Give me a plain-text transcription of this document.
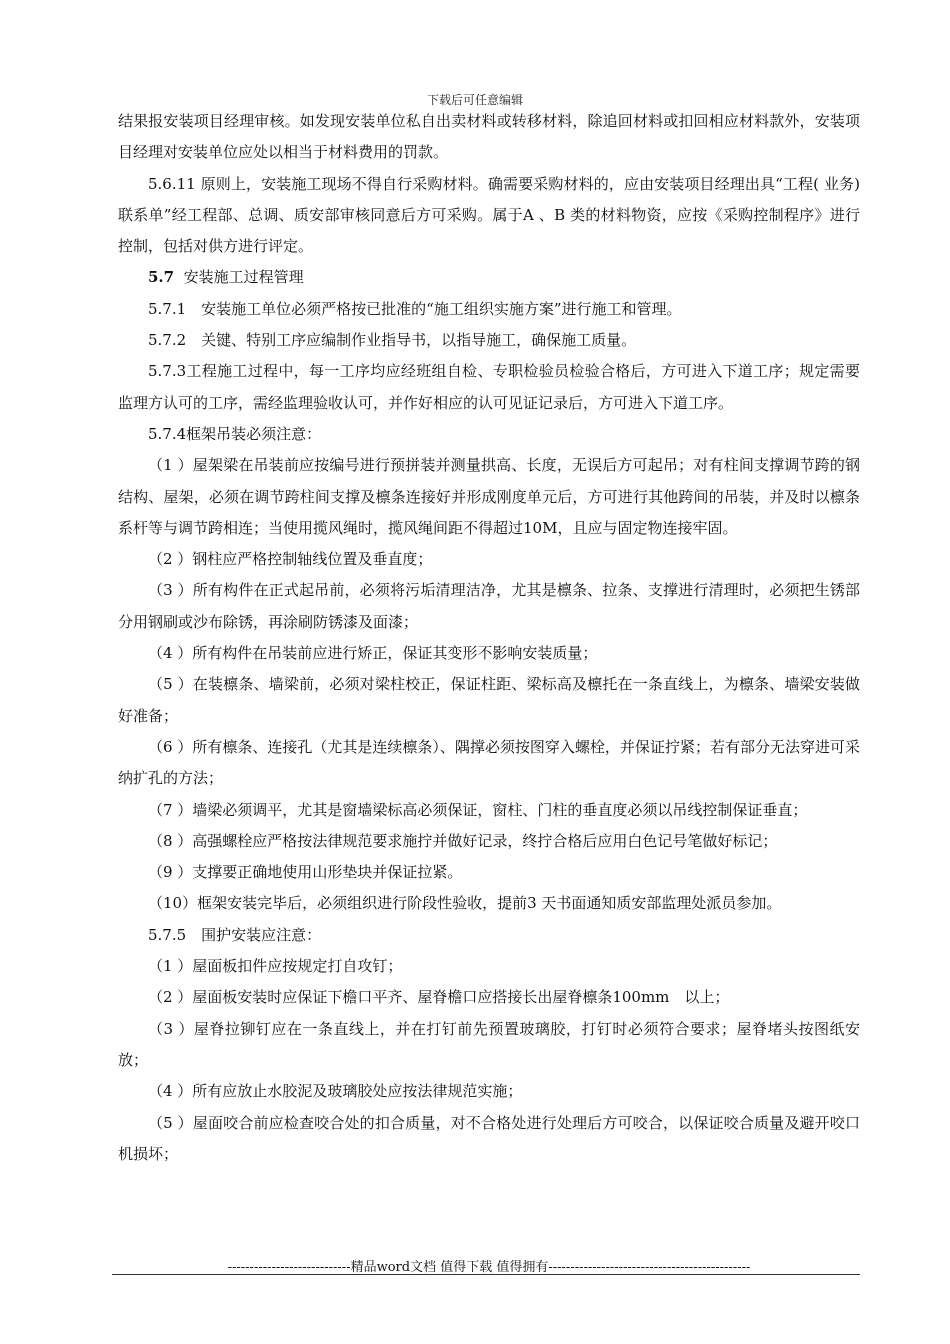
下载后可任意编辑

结果报安装项目经理审核。如发现安装单位私自出卖材料或转移材料，除追回材料或扣回相应材料款外，安装项目经理对安装单位应处以相当于材料费用的罚款。

5.6.11 原则上，安装施工现场不得自行采购材料。确需要采购材料的，应由安装项目经理出具“工程( 业务) 联系单”经工程部、总调、质安部审核同意后方可采购。属于A 、B 类的材料物资，应按《采购控制程序》进行控制，包括对供方进行评定。

5.7 安装施工过程管理

5.7.1　安装施工单位必须严格按已批准的“施工组织实施方案”进行施工和管理。

5.7.2　关键、特别工序应编制作业指导书，以指导施工，确保施工质量。

5.7.3工程施工过程中，每一工序均应经班组自检、专职检验员检验合格后，方可进入下道工序；规定需要监理方认可的工序，需经监理验收认可，并作好相应的认可见证记录后，方可进入下道工序。

5.7.4框架吊装必须注意：

（1 ）屋架梁在吊装前应按编号进行预拼装并测量拱高、长度，无误后方可起吊；对有柱间支撑调节跨的钢结构、屋架，必须在调节跨柱间支撑及檩条连接好并形成刚度单元后，方可进行其他跨间的吊装，并及时以檩条系杆等与调节跨相连；当使用揽风绳时，揽风绳间距不得超过10M，且应与固定物连接牢固。

（2 ）钢柱应严格控制轴线位置及垂直度；

（3 ）所有构件在正式起吊前，必须将污垢清理洁净，尤其是檩条、拉条、支撑进行清理时，必须把生锈部分用钢刷或沙布除锈，再涂刷防锈漆及面漆；

（4 ）所有构件在吊装前应进行矫正，保证其变形不影响安装质量；

（5 ）在装檩条、墙梁前，必须对梁柱校正，保证柱距、梁标高及檩托在一条直线上，为檩条、墙梁安装做好准备；

（6 ）所有檩条、连接孔（尤其是连续檩条）、隅撑必须按图穿入螺栓，并保证拧紧；若有部分无法穿进可采纳扩孔的方法；

（7 ）墙梁必须调平，尤其是窗墙梁标高必须保证，窗柱、门柱的垂直度必须以吊线控制保证垂直；

（8 ）高强螺栓应严格按法律规范要求施拧并做好记录，终拧合格后应用白色记号笔做好标记；

（9 ）支撑要正确地使用山形垫块并保证拉紧。

（10）框架安装完毕后，必须组织进行阶段性验收，提前3 天书面通知质安部监理处派员参加。

5.7.5　围护安装应注意：

（1 ）屋面板扣件应按规定打自攻钉；

（2 ）屋面板安装时应保证下檐口平齐、屋脊檐口应搭接长出屋脊檩条100mm　以上；

（3 ）屋脊拉铆钉应在一条直线上，并在打钉前先预置玻璃胶，打钉时必须符合要求；屋脊堵头按图纸安放；

（4 ）所有应放止水胶泥及玻璃胶处应按法律规范实施；

（5 ）屋面咬合前应检查咬合处的扣合质量，对不合格处进行处理后方可咬合，以保证咬合质量及避开咬口机损坏；

----------------------------精品word文档 值得下载 值得拥有----------------------------------------------
